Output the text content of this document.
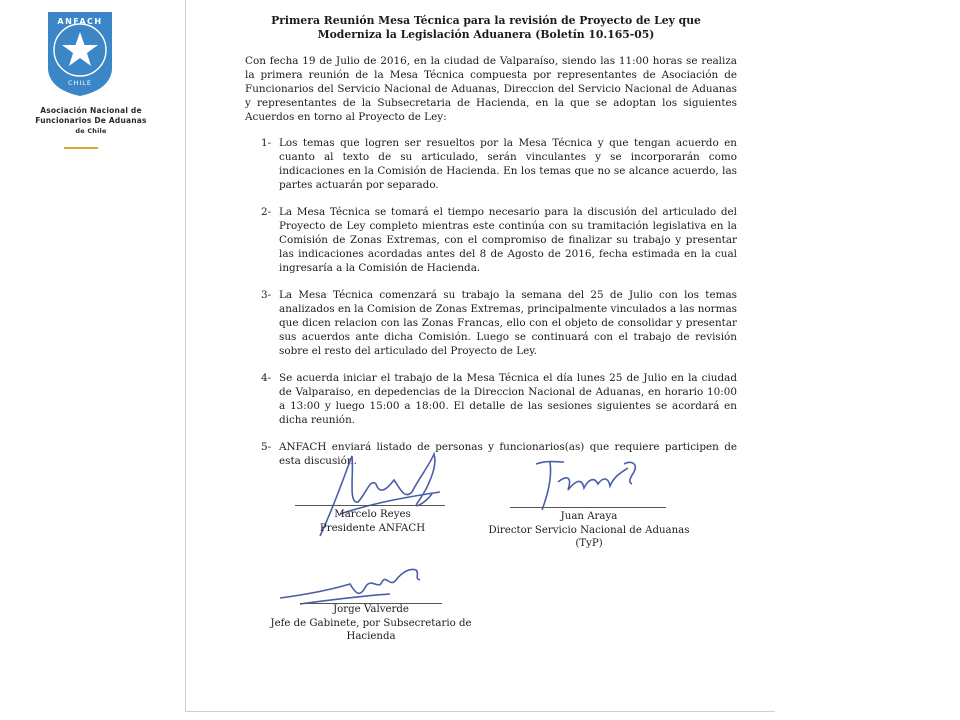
ANFACH
CHILE
Asociación Nacional de
Funcionarios De Aduanas
de Chile
Primera Reunión Mesa Técnica para la revisión de Proyecto de Ley que Moderniza la Legislación Aduanera (Boletín 10.165-05)
Con fecha 19 de Julio de 2016, en la ciudad de Valparaíso, siendo las 11:00 horas se realiza la primera reunión de la Mesa Técnica compuesta por representantes de Asociación de Funcionarios del Servicio Nacional de Aduanas, Direccion del Servicio Nacional de Aduanas y representantes de la Subsecretaria de Hacienda, en la que se adoptan los siguientes Acuerdos en torno al Proyecto de Ley:
1- Los temas que logren ser resueltos por la Mesa Técnica y que tengan acuerdo en cuanto al texto de su articulado, serán vinculantes y se incorporarán como indicaciones en la Comisión de Hacienda. En los temas que no se alcance acuerdo, las partes actuarán por separado.
2- La Mesa Técnica se tomará el tiempo necesario para la discusión del articulado del Proyecto de Ley completo mientras este continúa con su tramitación legislativa en la Comisión de Zonas Extremas, con el compromiso de finalizar su trabajo y presentar las indicaciones acordadas antes del 8 de Agosto de 2016, fecha estimada en la cual ingresaría a la Comisión de Hacienda.
3- La Mesa Técnica comenzará su trabajo la semana del 25 de Julio con los temas analizados en la Comision de Zonas Extremas, principalmente vinculados a las normas que dicen relacion con las Zonas Francas, ello con el objeto de consolidar y presentar sus acuerdos ante dicha Comisión. Luego se continuará con el trabajo de revisión sobre el resto del articulado del Proyecto de Ley.
4- Se acuerda iniciar el trabajo de la Mesa Técnica el día lunes 25 de Julio en la ciudad de Valparaiso, en depedencias de la Direccion Nacional de Aduanas, en horario 10:00 a 13:00 y luego 15:00 a 18:00. El detalle de las sesiones siguientes se acordará en dicha reunión.
5- ANFACH enviará listado de personas y funcionarios(as) que requiere participen de esta discusión.
Marcelo Reyes
Presidente ANFACH
Juan Araya
Director Servicio Nacional de Aduanas
(TyP)
Jorge Valverde
Jefe de Gabinete, por Subsecretario de
Hacienda
